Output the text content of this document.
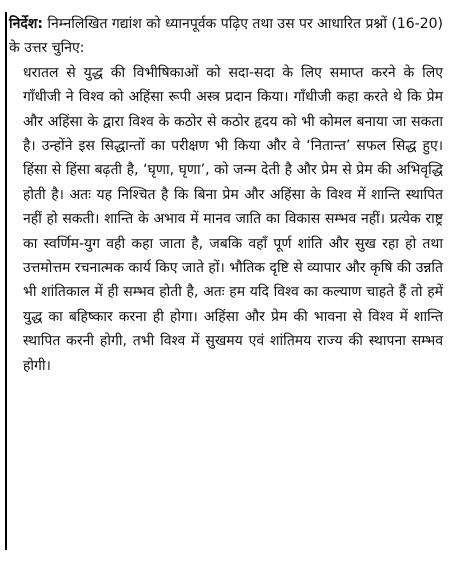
निर्देश: निम्नलिखित गद्यांश को ध्यानपूर्वक पढ़िए तथा उस पर आधारित प्रश्नों (16-20) के उत्तर चुनिए:

धरातल से युद्ध की विभीषिकाओं को सदा-सदा के लिए समाप्त करने के लिए गाँधीजी ने विश्व को अहिंसा रूपी अस्त्र प्रदान किया। गाँधीजी कहा करते थे कि प्रेम और अहिंसा के द्वारा विश्व के कठोर से कठोर हृदय को भी कोमल बनाया जा सकता है। उन्होंने इस सिद्धान्तों का परीक्षण भी किया और वे ‘नितान्त’ सफल सिद्ध हुए। हिंसा से हिंसा बढ़ती है, ‘घृणा, घृणा’, को जन्म देती है और प्रेम से प्रेम की अभिवृद्धि होती है। अतः यह निश्चित है कि बिना प्रेम और अहिंसा के विश्व में शान्ति स्थापित नहीं हो सकती। शान्ति के अभाव में मानव जाति का विकास सम्भव नहीं। प्रत्येक राष्ट्र का स्वर्णिम-युग वही कहा जाता है, जबकि वहाँ पूर्ण शांति और सुख रहा हो तथा उत्तमोत्तम रचनात्मक कार्य किए जाते हों। भौतिक दृष्टि से व्यापार और कृषि की उन्नति भी शांतिकाल में ही सम्भव होती है, अतः हम यदि विश्व का कल्याण चाहते हैं तो हमें युद्ध का बहिष्कार करना ही होगा। अहिंसा और प्रेम की भावना से विश्व में शान्ति स्थापित करनी होगी, तभी विश्व में सुखमय एवं शांतिमय राज्य की स्थापना सम्भव होगी।
